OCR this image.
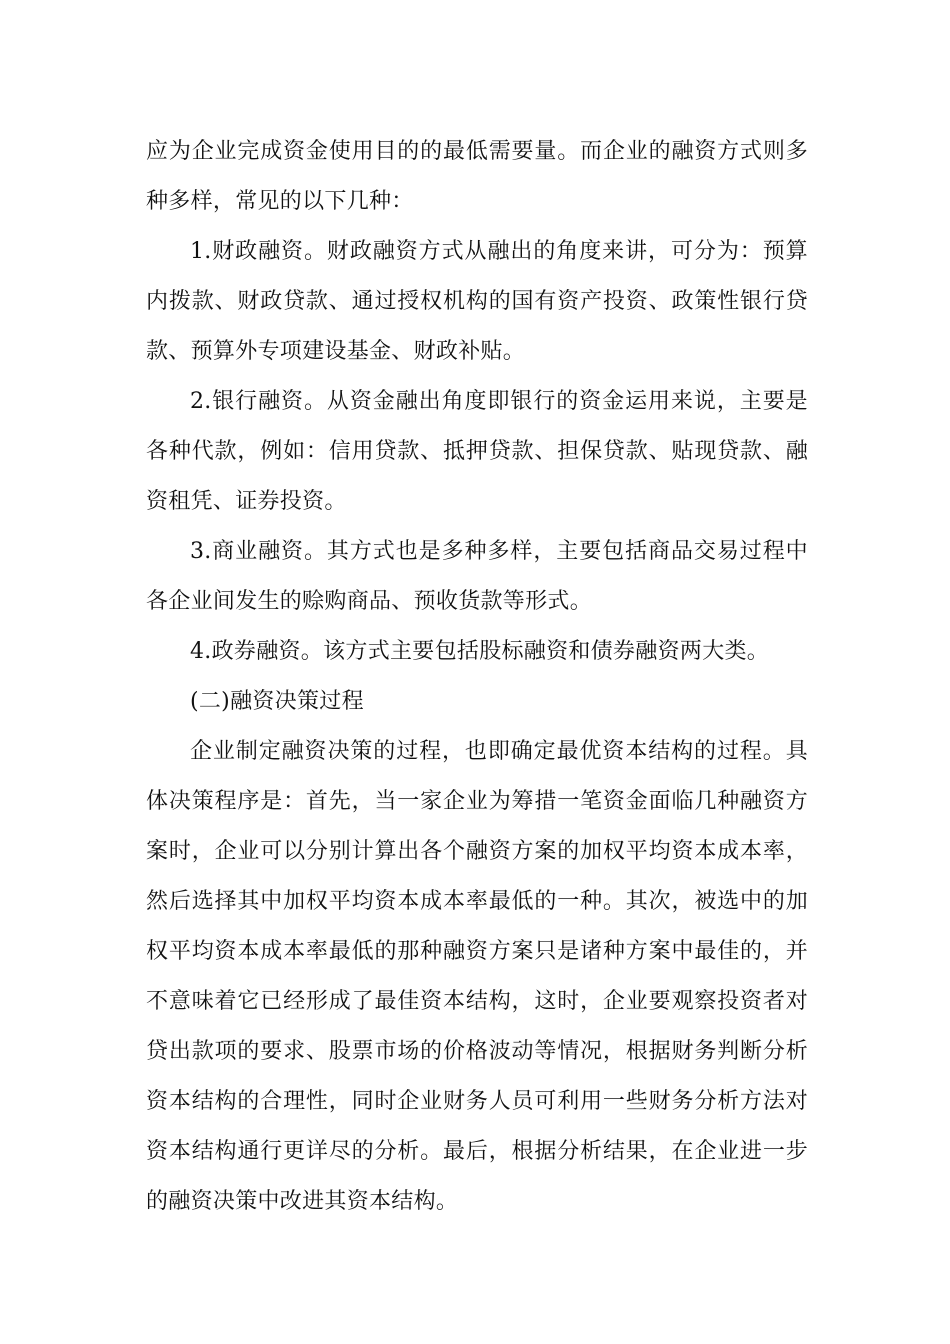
应为企业完成资金使用目的的最低需要量。而企业的融资方式则多种多样，常见的以下几种：

1.财政融资。财政融资方式从融出的角度来讲，可分为：预算内拨款、财政贷款、通过授权机构的国有资产投资、政策性银行贷款、预算外专项建设基金、财政补贴。

2.银行融资。从资金融出角度即银行的资金运用来说，主要是各种代款，例如：信用贷款、抵押贷款、担保贷款、贴现贷款、融资租凭、证券投资。

3.商业融资。其方式也是多种多样，主要包括商品交易过程中各企业间发生的赊购商品、预收货款等形式。

4.政券融资。该方式主要包括股标融资和债券融资两大类。

(二)融资决策过程

企业制定融资决策的过程，也即确定最优资本结构的过程。具体决策程序是：首先，当一家企业为筹措一笔资金面临几种融资方案时，企业可以分别计算出各个融资方案的加权平均资本成本率，然后选择其中加权平均资本成本率最低的一种。其次，被选中的加权平均资本成本率最低的那种融资方案只是诸种方案中最佳的，并不意味着它已经形成了最佳资本结构，这时，企业要观察投资者对贷出款项的要求、股票市场的价格波动等情况，根据财务判断分析资本结构的合理性，同时企业财务人员可利用一些财务分析方法对资本结构通行更详尽的分析。最后，根据分析结果，在企业进一步的融资决策中改进其资本结构。
